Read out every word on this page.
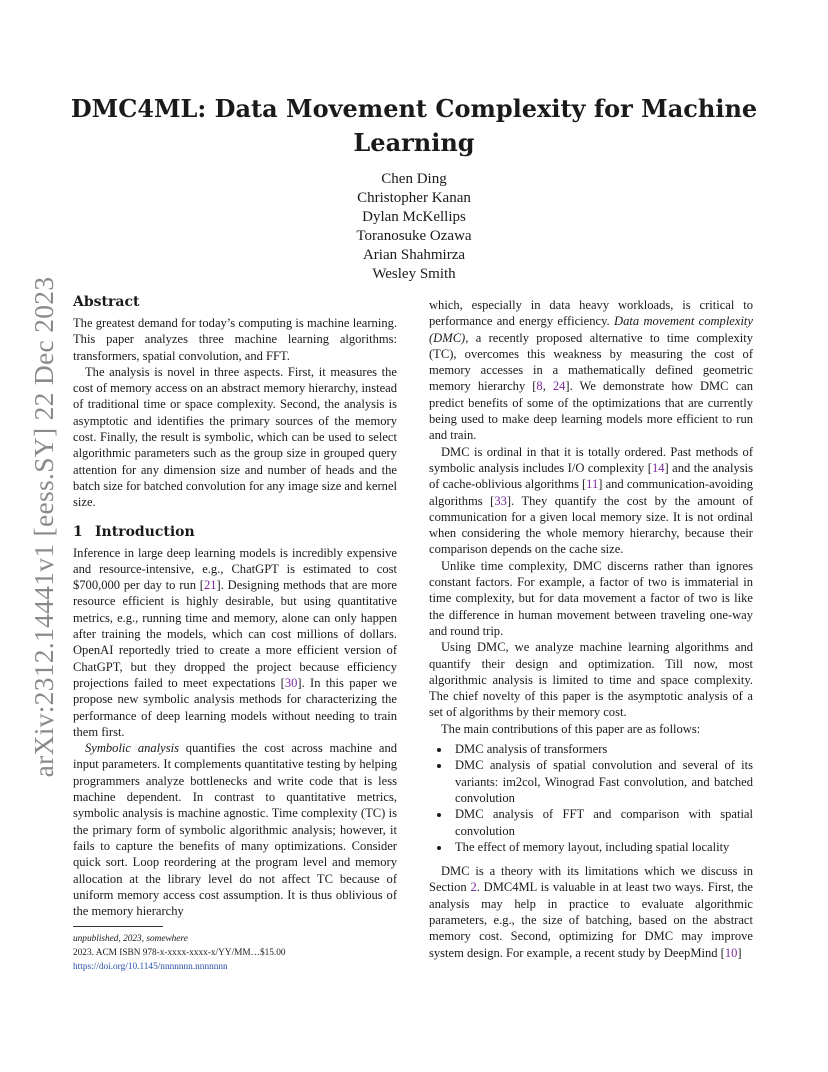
arXiv:2312.14441v1 [eess.SY] 22 Dec 2023
DMC4ML: Data Movement Complexity for Machine Learning
Chen Ding
Christopher Kanan
Dylan McKellips
Toranosuke Ozawa
Arian Shahmirza
Wesley Smith
Abstract

The greatest demand for today’s computing is machine learning. This paper analyzes three machine learning algorithms: transformers, spatial convolution, and FFT.

The analysis is novel in three aspects. First, it measures the cost of memory access on an abstract memory hierarchy, instead of traditional time or space complexity. Second, the analysis is asymptotic and identifies the primary sources of the memory cost. Finally, the result is symbolic, which can be used to select algorithmic parameters such as the group size in grouped query attention for any dimension size and number of heads and the batch size for batched convolution for any image size and kernel size.

1 Introduction

Inference in large deep learning models is incredibly expensive and resource-intensive, e.g., ChatGPT is estimated to cost $700,000 per day to run [21]. Designing methods that are more resource efficient is highly desirable, but using quantitative metrics, e.g., running time and memory, alone can only happen after training the models, which can cost millions of dollars. OpenAI reportedly tried to create a more efficient version of ChatGPT, but they dropped the project because efficiency projections failed to meet expectations [30]. In this paper we propose new symbolic analysis methods for characterizing the performance of deep learning models without needing to train them first.

Symbolic analysis quantifies the cost across machine and input parameters. It complements quantitative testing by helping programmers analyze bottlenecks and write code that is less machine dependent. In contrast to quantitative metrics, symbolic analysis is machine agnostic. Time complexity (TC) is the primary form of symbolic algorithmic analysis; however, it fails to capture the benefits of many optimizations. Consider quick sort. Loop reordering at the program level and memory allocation at the library level do not affect TC because of uniform memory access cost assumption. It is thus oblivious of the memory hierarchy

which, especially in data heavy workloads, is critical to performance and energy efficiency. Data movement complexity (DMC), a recently proposed alternative to time complexity (TC), overcomes this weakness by measuring the cost of memory accesses in a mathematically defined geometric memory hierarchy [8, 24]. We demonstrate how DMC can predict benefits of some of the optimizations that are currently being used to make deep learning models more efficient to run and train.

DMC is ordinal in that it is totally ordered. Past methods of symbolic analysis includes I/O complexity [14] and the analysis of cache-oblivious algorithms [11] and communication-avoiding algorithms [33]. They quantify the cost by the amount of communication for a given local memory size. It is not ordinal when considering the whole memory hierarchy, because their comparison depends on the cache size.

Unlike time complexity, DMC discerns rather than ignores constant factors. For example, a factor of two is immaterial in time complexity, but for data movement a factor of two is like the difference in human movement between traveling one-way and round trip.

Using DMC, we analyze machine learning algorithms and quantify their design and optimization. Till now, most algorithmic analysis is limited to time and space complexity. The chief novelty of this paper is the asymptotic analysis of a set of algorithms by their memory cost.

The main contributions of this paper are as follows:

• DMC analysis of transformers
• DMC analysis of spatial convolution and several of its variants: im2col, Winograd Fast convolution, and batched convolution
• DMC analysis of FFT and comparison with spatial convolution
• The effect of memory layout, including spatial locality

DMC is a theory with its limitations which we discuss in Section 2. DMC4ML is valuable in at least two ways. First, the analysis may help in practice to evaluate algorithmic parameters, e.g., the size of batching, based on the abstract memory cost. Second, optimizing for DMC may improve system design. For example, a recent study by DeepMind [10]

unpublished, 2023, somewhere
2023. ACM ISBN 978-x-xxxx-xxxx-x/YY/MM…$15.00
https://doi.org/10.1145/nnnnnnn.nnnnnnn
